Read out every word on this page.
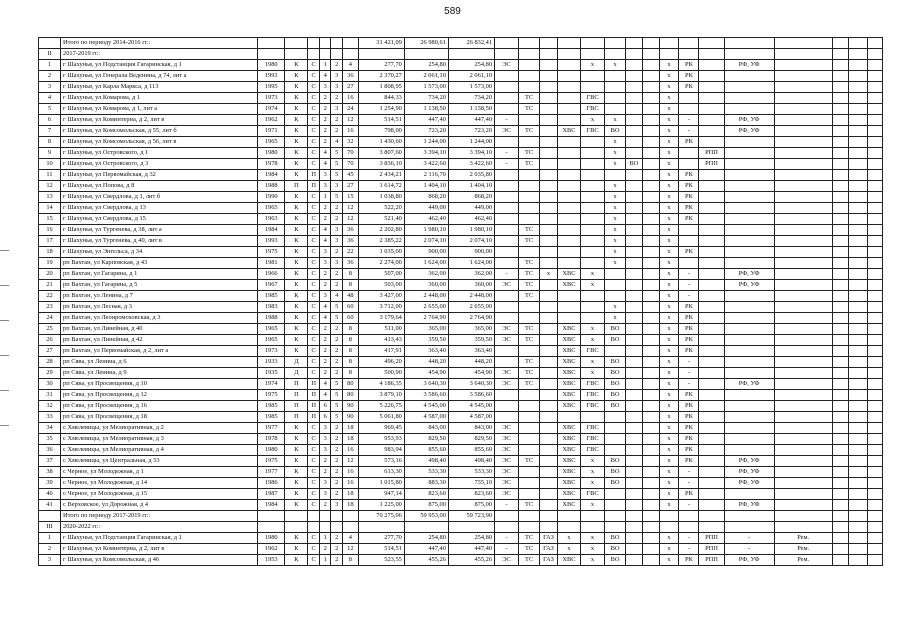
589
	Итого по периоду 2014-2016 гг.:							31 421,09	26 980,61	26 832,41																
II	2017-2019 гг.:																									
1	г Шахунья, ул Подстанция Гагаринская, д 1	1980	К	С	1	2	4	277,70	254,80	254,80	ЭС				х	х			х	РК		РФ, УФ				
2	г Шахунья, ул Генерала Веденина, д 74, лит а	1993	К	С	4	3	36	2 370,27	2 061,10	2 061,10									х	РК						
3	г Шахунья, ул Карла Маркса, д 113	1995	К	С	3	3	27	1 808,95	1 573,00	1 573,00									х	РК						
4	г Шахунья, ул Комарова, д 1	1973	К	С	2	2	16	844,33	734,20	734,20		ТС			ГВС				х							
5	г Шахунья, ул Комарова, д 1, лит а	1974	К	С	2	3	24	1 254,90	1 138,50	1 138,50		ТС			ГВС				х							
6	г Шахунья, ул Коминтерна, д 2, лит в	1962	К	С	2	2	12	514,51	447,40	447,40	-				х	х			х	-		РФ, УФ				
7	г Шахунья, ул Комсомольская, д 55, лит б	1971	К	С	2	2	16	798,00	723,20	723,20	ЭС	ТС		ХВС	ГВС	ВО			х	-		РФ, УФ				
8	г Шахунья, ул Комсомольская, д 56, лит в	1965	К	С	2	4	32	1 430,60	1 244,00	1 244,00						х			х	РК						
9	г Шахунья, ул Островского, д 1	1980	К	С	4	5	70	3 807,60	3 394,10	3 394,10	-	ТС				х			х		РПП					
10	г Шахунья, ул Островского, д 3	1978	К	С	4	5	70	3 836,10	3 422,60	3 422,60	-	ТС				х	ВО		х		РПП					
11	г Шахунья, ул Первомайская, д 32	1984	К	П	3	5	45	2 434,21	2 116,70	2 035,80									х	РК						
12	г Шахунья, ул Попова, д 8	1988	П	П	3	3	27	1 614,72	1 404,10	1 404,10						х			х	РК						
13	г Шахунья, ул Свердлова, д 1, лит б	1990	К	С	1	5	15	1 038,80	868,20	868,20						х			х	РК						
14	г Шахунья, ул Свердлова, д 13	1965	К	С	2	2	12	522,20	449,00	449,00						х			х	РК						
15	г Шахунья, ул Свердлова, д 15	1963	К	С	2	2	12	521,40	462,40	462,40						х			х	РК						
16	г Шахунья, ул Тургенева, д 38, лит а	1984	К	С	4	3	36	2 202,80	1 980,10	1 980,10		ТС				х			х							
17	г Шахунья, ул Тургенева, д 40, лит в	1993	К	С	4	3	36	2 385,22	2 074,10	2 074,10		ТС				х			х							
18	г Шахунья, ул Энгельса, д 34	1975	К	С	3	2	22	1 035,00	900,00	900,00						х			х	РК						
19	рп Вахтан, ул Карповская, д 43	1981	К	С	3	3	36	2 274,00	1 624,00	1 624,00		ТС				х			х							
20	рп Вахтан, ул Гагарина, д 1	1966	К	С	2	2	8	507,00	362,00	362,00	-	ТС	х	ХВС	х				х	-		РФ, УФ				
21	рп Вахтан, ул Гагарина, д 5	1967	К	С	2	2	8	503,00	360,00	360,00	ЭС	ТС		ХВС	х				х	-		РФ, УФ				
22	рп Вахтан, ул Ленина, д 7	1985	К	С	3	4	48	3 427,00	2 448,00	2 448,00		ТС							х	-						
23	рп Вахтан, ул Лесная, д 3	1983	К	С	4	5	60	3 712,00	2 655,00	2 655,00						х			х	РК						
24	рп Вахтан, ул Леонромоховская, д 3	1988	К	С	4	5	60	3 179,64	2 764,90	2 764,90						х			х	РК						
25	рп Вахтан, ул Линейная, д 40	1965	К	С	2	2	8	511,00	365,00	365,00	ЭС	ТС		ХВС	х	ВО			х	РК						
26	рп Вахтан, ул Линейная, д 42	1965	К	С	2	2	8	413,43	359,50	359,50	ЭС	ТС		ХВС	х	ВО			х	РК						
27	рп Вахтан, ул Первомайская, д 2, лит а	1973	К	С	2	2	8	417,91	363,40	363,40				ХВС	ГВС				х	РК						
28	рп Сява, ул Ленина, д 6	1933	Д	С	2	2	8	496,20	448,20	448,20		ТС		ХВС	х	ВО			х	-						
29	рп Сява, ул Ленина, д 9	1935	Д	С	2	2	8	500,90	454,90	454,90	ЭС	ТС		ХВС	х	ВО			х	-						
30	рп Сява, ул Просвещения, д 10	1974	П	П	4	5	80	4 186,35	3 640,30	3 640,30	ЭС	ТС		ХВС	ГВС	ВО			х	-		РФ, УФ				
31	рп Сява, ул Просвещения, д 12	1975	П	П	4	5	80	3 879,10	3 586,60	3 586,60				ХВС	ГВС	ВО			х	РК						
32	рп Сява, ул Просвещения, д 16	1985	П	П	6	5	90	5 226,75	4 545,00	4 545,00				ХВС	ГВС	ВО			х	РК						
33	рп Сява, ул Просвещения, д 18	1985	П	П	6	5	90	5 061,80	4 587,00	4 587,00									х	РК						
34	с Хмелевицы, ул Мелиоративная, д 2	1977	К	С	3	2	18	969,45	843,00	843,00	ЭС			ХВС	ГВС				х	РК						
35	с Хмелевицы, ул Мелиоративная, д 3	1978	К	С	3	2	18	953,93	829,50	829,50	ЭС			ХВС	ГВС				х	РК						
36	с Хмелевицы, ул Мелиоративная, д 4	1980	К	С	3	2	16	983,94	855,60	855,60	ЭС			ХВС	ГВС				х	РК						
37	с Хмелевицы, ул Центральная, д 53	1975	К	С	2	2	12	573,16	498,40	498,40	ЭС	ТС		ХВС	х	ВО			х	РК		РФ, УФ				
38	с Черное, ул Молодежная, д 1	1977	К	С	2	2	16	613,30	533,30	533,30	ЭС			ХВС	х	ВО			х	-		РФ, УФ				
39	с Черное, ул Молодежная, д 14	1986	К	С	3	2	16	1 015,80	883,30	735,10	ЭС			ХВС	х	ВО			х	-		РФ, УФ				
40	с Черное, ул Молодежная, д 15	1987	К	С	3	2	18	947,14	823,60	823,60	ЭС			ХВС	ГВС				х	РК						
41	с Верховское, ул Дорожная, д 4	1984	К	С	2	3	18	1 225,00	875,00	875,00	-	ТС		ХВС	х				х	-		РФ, УФ				
	Итого по периоду 2017-2019 гг.:							70 275,06	59 953,00	59 723,90																
III	2020-2022 гг.:																									
1	г Шахунья, ул Подстанция Гагаринская, д 1	1980	К	С	1	2	4	277,70	254,80	254,80	-	ТС	ГАЗ	х	х	ВО			х	-	РПП	-	Рем.			
2	г Шахунья, ул Коминтерна, д 2, лит в	1962	К	С	2	2	12	514,51	447,40	447,40	-	ТС	ГАЗ	х	х	ВО			х	-	РПП	-	Рем.			
3	г Шахунья, ул Комсомольская, д 46	1953	К	С	1	2	8	523,55	455,26	455,26	ЭС	ТС	ГАЗ	ХВС	х	ВО			х	РК	РПП	РФ, УФ	Рем.			
